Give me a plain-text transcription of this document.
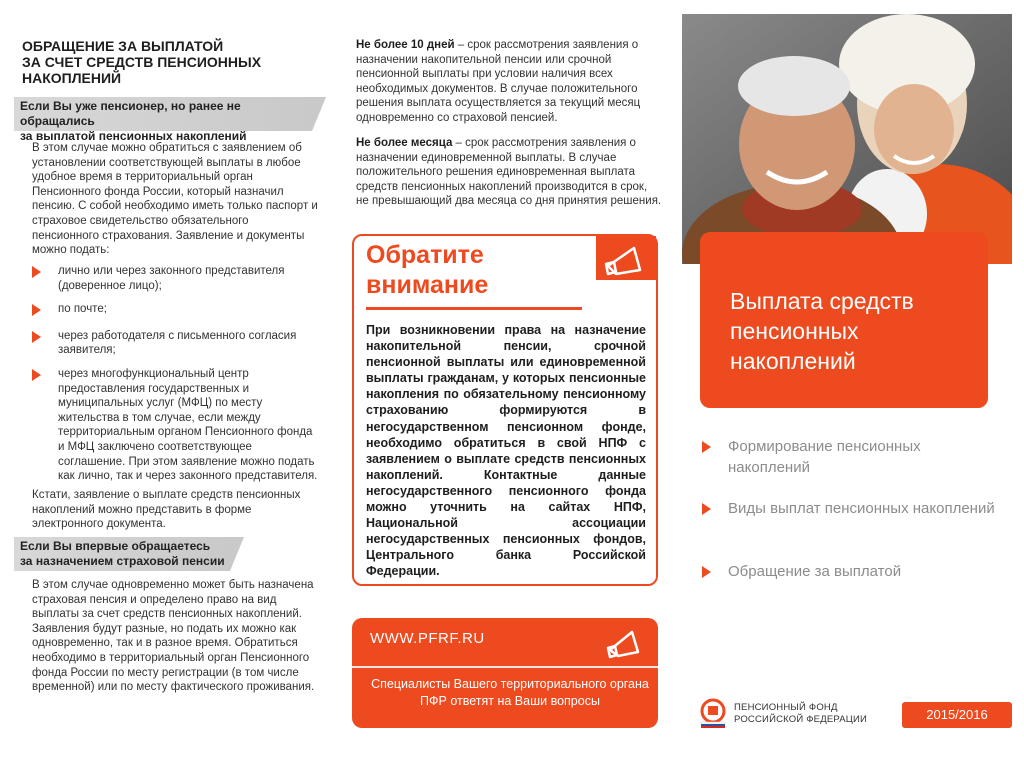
ОБРАЩЕНИЕ ЗА ВЫПЛАТОЙ
ЗА СЧЕТ СРЕДСТВ ПЕНСИОННЫХ
НАКОПЛЕНИЙ
Если Вы уже пенсионер, но ранее не обращались
за выплатой пенсионных накоплений
В этом случае можно обратиться с заявлением об установлении соответствующей выплаты в любое удобное время в территориальный орган Пенсионного фонда России, который назначил пенсию. С собой необходимо иметь только паспорт и страховое свидетельство обязательного пенсионного страхования. Заявление и документы можно подать:
лично или через законного представителя (доверенное лицо);
по почте;
через работодателя с письменного согласия заявителя;
через многофункциональный центр предоставления государственных и муниципальных услуг (МФЦ) по месту жительства в том случае, если между территориальным органом Пенсионного фонда и МФЦ заключено соответствующее соглашение. При этом заявление можно подать как лично, так и через законного представителя.
Кстати, заявление о выплате средств пенсионных накоплений можно представить в форме электронного документа.
Если Вы впервые обращаетесь
за назначением страховой пенсии
В этом случае одновременно может быть назначена страховая пенсия и определено право на вид выплаты за счет средств пенсионных накоплений. Заявления будут разные, но подать их можно как одновременно, так и в разное время. Обратиться необходимо в территориальный орган Пенсионного фонда России по месту регистрации (в том числе временной) или по месту фактического проживания.
Не более 10 дней – срок рассмотрения заявления о назначении накопительной пенсии или срочной пенсионной выплаты при условии наличия всех необходимых документов. В случае положительного решения выплата осуществляется за текущий месяц одновременно со страховой пенсией.
Не более месяца – срок рассмотрения заявления о назначении единовременной выплаты. В случае положительного решения единовременная выплата средств пенсионных накоплений производится в срок, не превышающий два месяца со дня принятия решения.
Обратите
внимание
При возникновении права на назначение накопительной пенсии, срочной пенсионной выплаты или единовременной выплаты гражданам, у которых пенсионные накопления по обязательному пенсионному страхованию формируются в негосударственном пенсионном фонде, необходимо обратиться в свой НПФ с заявлением о выплате средств пенсионных накоплений. Контактные данные негосударственного пенсионного фонда можно уточнить на сайтах НПФ, Национальной ассоциации негосударственных пенсионных фондов, Центрального банка Российской Федерации.
WWW.PFRF.RU
Специалисты Вашего территориального органа ПФР ответят на Ваши вопросы
Выплата средств пенсионных накоплений
Формирование пенсионных накоплений
Виды выплат пенсионных накоплений
Обращение за выплатой
ПЕНСИОННЫЙ ФОНД
РОССИЙСКОЙ ФЕДЕРАЦИИ	2015/2016
